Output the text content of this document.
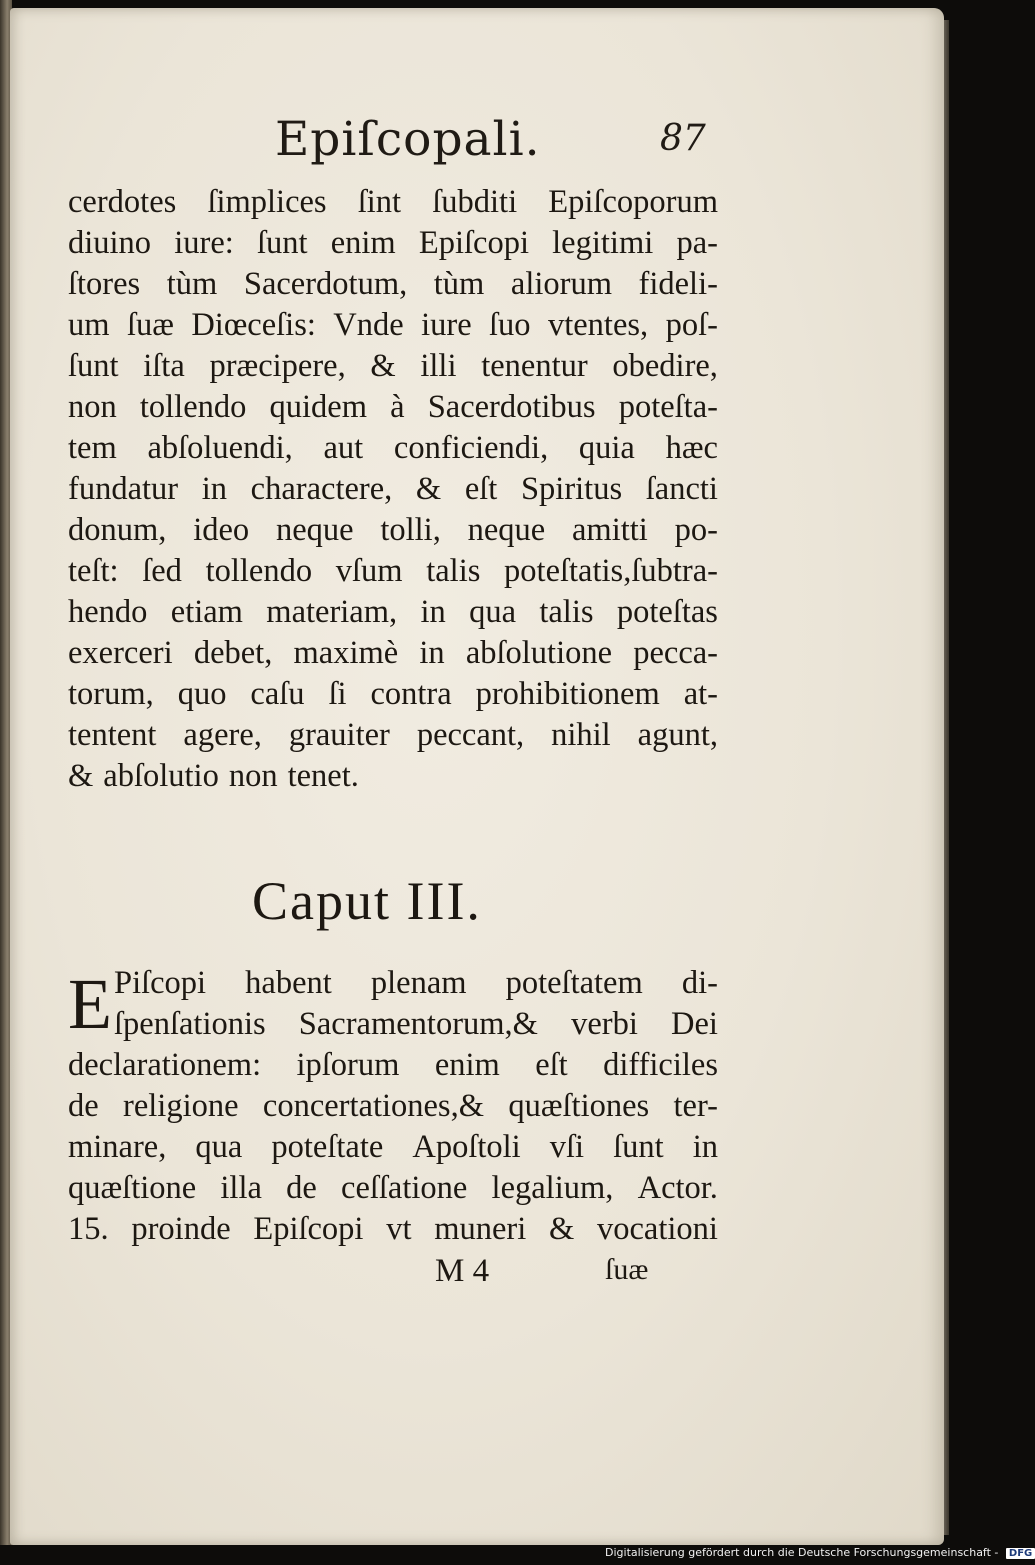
Epiſcopali.	87
cerdotes ſimplices ſint ſubditi Epiſcoporum
diuino iure: ſunt enim Epiſcopi legitimi pa-
ſtores tùm Sacerdotum, tùm aliorum fideli-
um ſuæ Diœceſis: Vnde iure ſuo vtentes, poſ-
ſunt iſta præcipere, & illi tenentur obedire,
non tollendo quidem à Sacerdotibus poteſta-
tem abſoluendi, aut conficiendi, quia hæc
fundatur in charactere, & eſt Spiritus ſancti
donum, ideo neque tolli, neque amitti po-
teſt: ſed tollendo vſum talis poteſtatis,ſubtra-
hendo etiam materiam, in qua talis poteſtas
exerceri debet, maximè in abſolutione pecca-
torum, quo caſu ſi contra prohibitionem at-
tentent agere, grauiter peccant, nihil agunt,
& abſolutio non tenet.
Caput III.
E Piſcopi habent plenam poteſtatem di-
ſpenſationis Sacramentorum,& verbi Dei
declarationem: ipſorum enim eſt difficiles
de religione concertationes,& quæſtiones ter-
minare, qua poteſtate Apoſtoli vſi ſunt in
quæſtione illa de ceſſatione legalium, Actor.
15. proinde Epiſcopi vt muneri & vocationi
M 4	ſuæ
Digitalisierung gefördert durch die Deutsche Forschungsgemeinschaft - DFG
